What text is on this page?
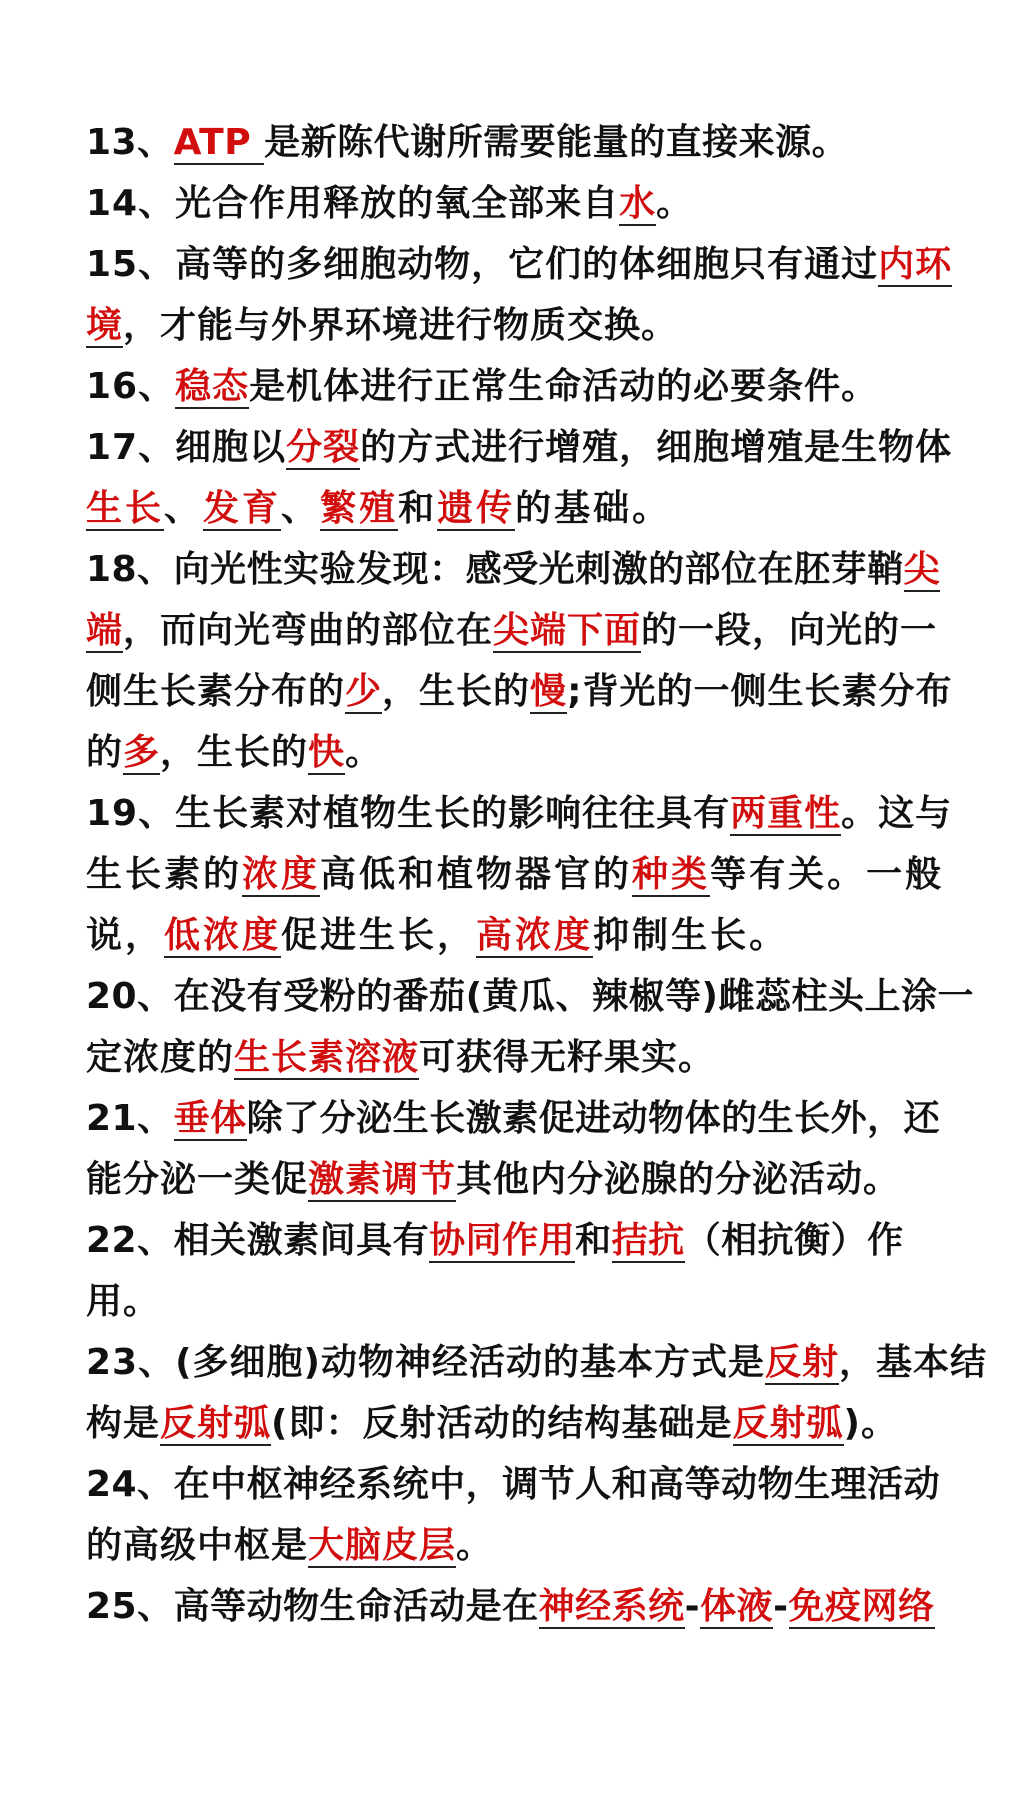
13、ATP 是新陈代谢所需要能量的直接来源。
14、光合作用释放的氧全部来自水。
15、高等的多细胞动物，它们的体细胞只有通过内环
境，才能与外界环境进行物质交换。
16、稳态是机体进行正常生命活动的必要条件。
17、细胞以分裂的方式进行增殖，细胞增殖是生物体
生长、发育、繁殖和遗传的基础。
18、向光性实验发现：感受光刺激的部位在胚芽鞘尖
端，而向光弯曲的部位在尖端下面的一段，向光的一
侧生长素分布的少，生长的慢;背光的一侧生长素分布
的多，生长的快。
19、生长素对植物生长的影响往往具有两重性。这与
生长素的浓度高低和植物器官的种类等有关。一般
说，低浓度促进生长，高浓度抑制生长。
20、在没有受粉的番茄(黄瓜、辣椒等)雌蕊柱头上涂一
定浓度的生长素溶液可获得无籽果实。
21、垂体除了分泌生长激素促进动物体的生长外，还
能分泌一类促激素调节其他内分泌腺的分泌活动。
22、相关激素间具有协同作用和拮抗（相抗衡）作
用。
23、(多细胞)动物神经活动的基本方式是反射，基本结
构是反射弧(即：反射活动的结构基础是反射弧)。
24、在中枢神经系统中，调节人和高等动物生理活动
的高级中枢是大脑皮层。
25、高等动物生命活动是在神经系统-体液-免疫网络
